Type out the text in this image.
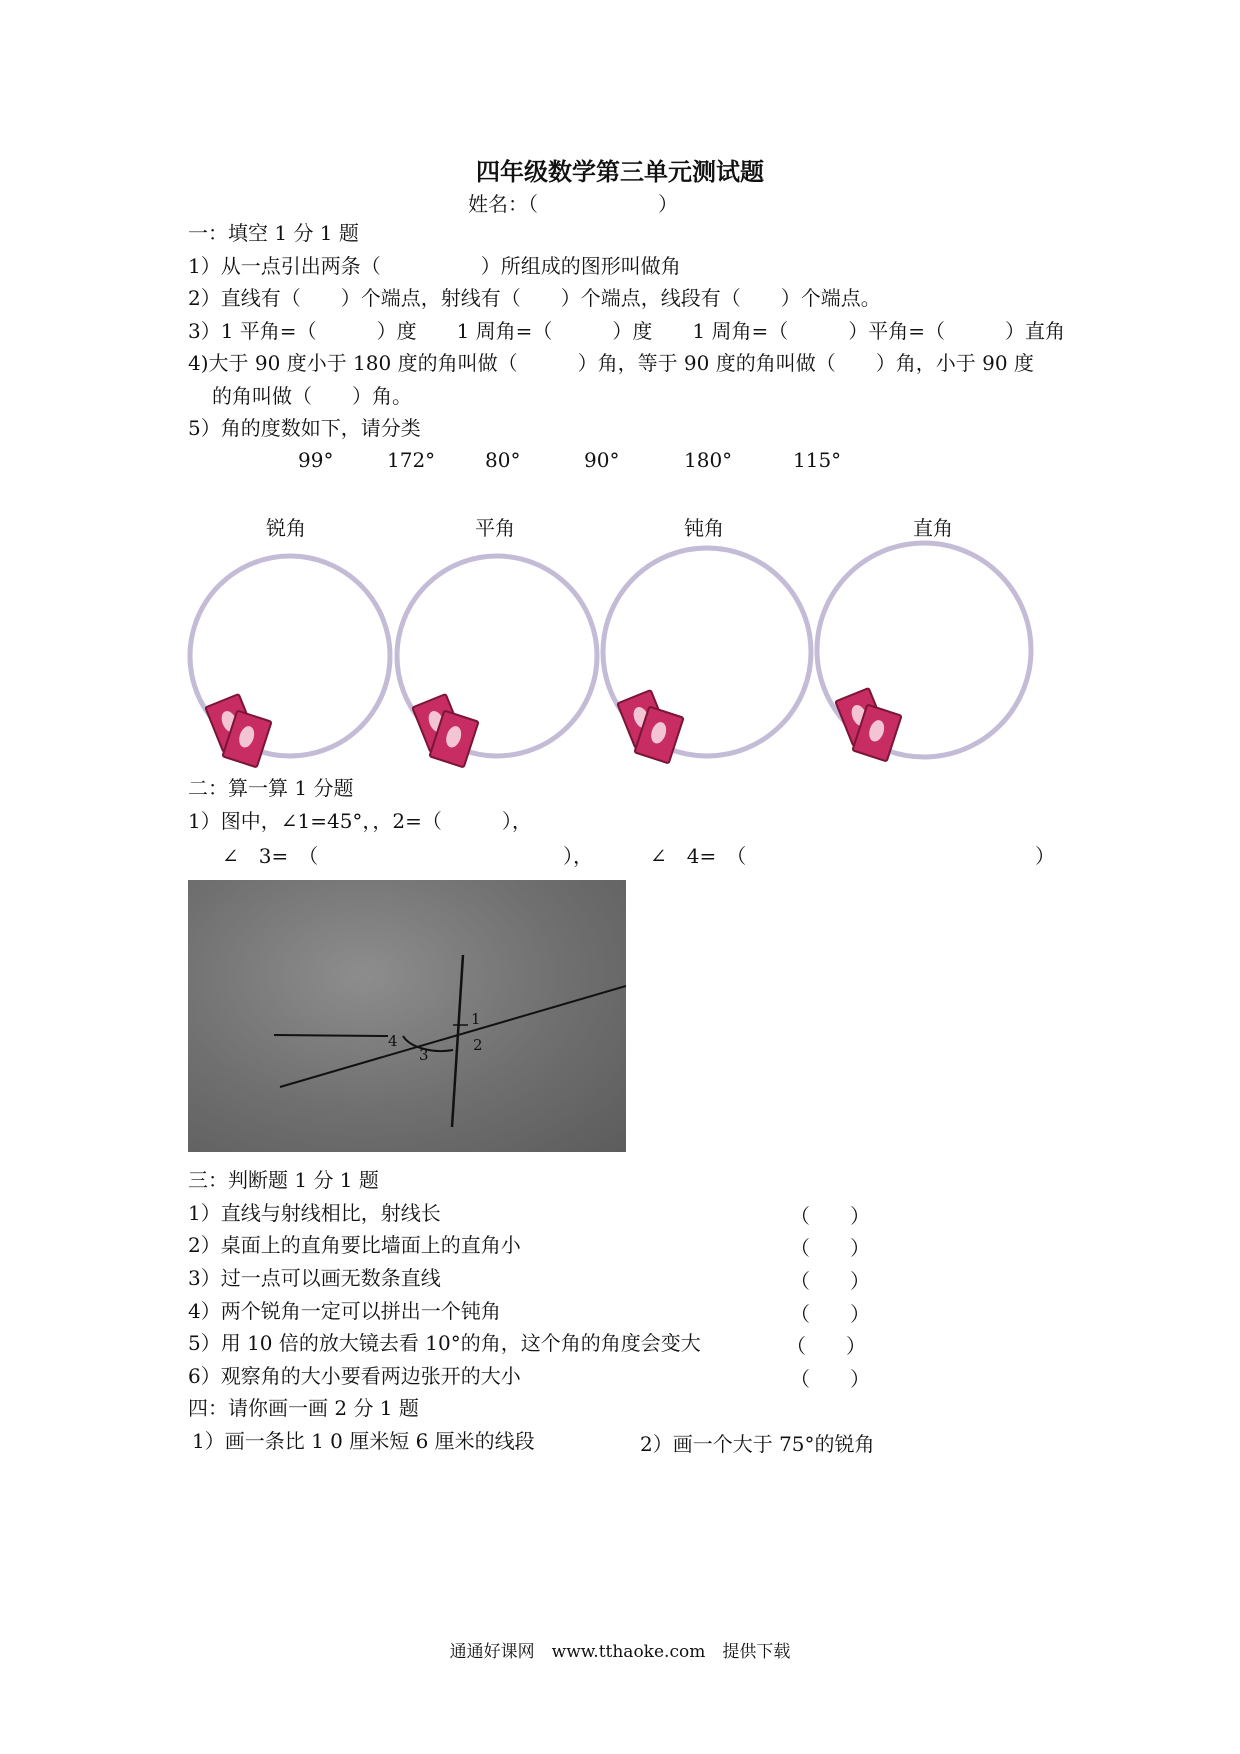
四年级数学第三单元测试题
姓名：（　　　　　　）
一：填空 1 分 1 题
1）从一点引出两条（　　　　　）所组成的图形叫做角
2）直线有（　　）个端点，射线有（　　）个端点，线段有（　　）个端点。
3）1 平角=（　　　）度　　1 周角=（　　　）度　　1 周角=（　　　）平角=（　　　）直角
4)大于 90 度小于 180 度的角叫做（　　　）角，等于 90 度的角叫做（　　）角，小于 90 度
的角叫做（　　）角。
5）角的度数如下，请分类
99°	172° 80°	90°	180°	115°
锐角	平角	钝角	直角
二：算一算 1 分题
1）图中，∠1=45°，，2=（　　　），
∠　3=　（	），	∠　4=　（	）
1
2
3
4
三：判断题 1 分 1 题
1）直线与射线相比，射线长	（　　）
2）桌面上的直角要比墙面上的直角小	（　　）
3）过一点可以画无数条直线	（　　）
4）两个锐角一定可以拼出一个钝角	（　　）
5）用 10 倍的放大镜去看 10°的角，这个角的角度会变大	（　　）
6）观察角的大小要看两边张开的大小	（　　）
四：请你画一画 2 分 1 题
1）画一条比 1 0 厘米短 6 厘米的线段	2）画一个大于 75°的锐角
通通好课网　www.tthaoke.com　提供下载
